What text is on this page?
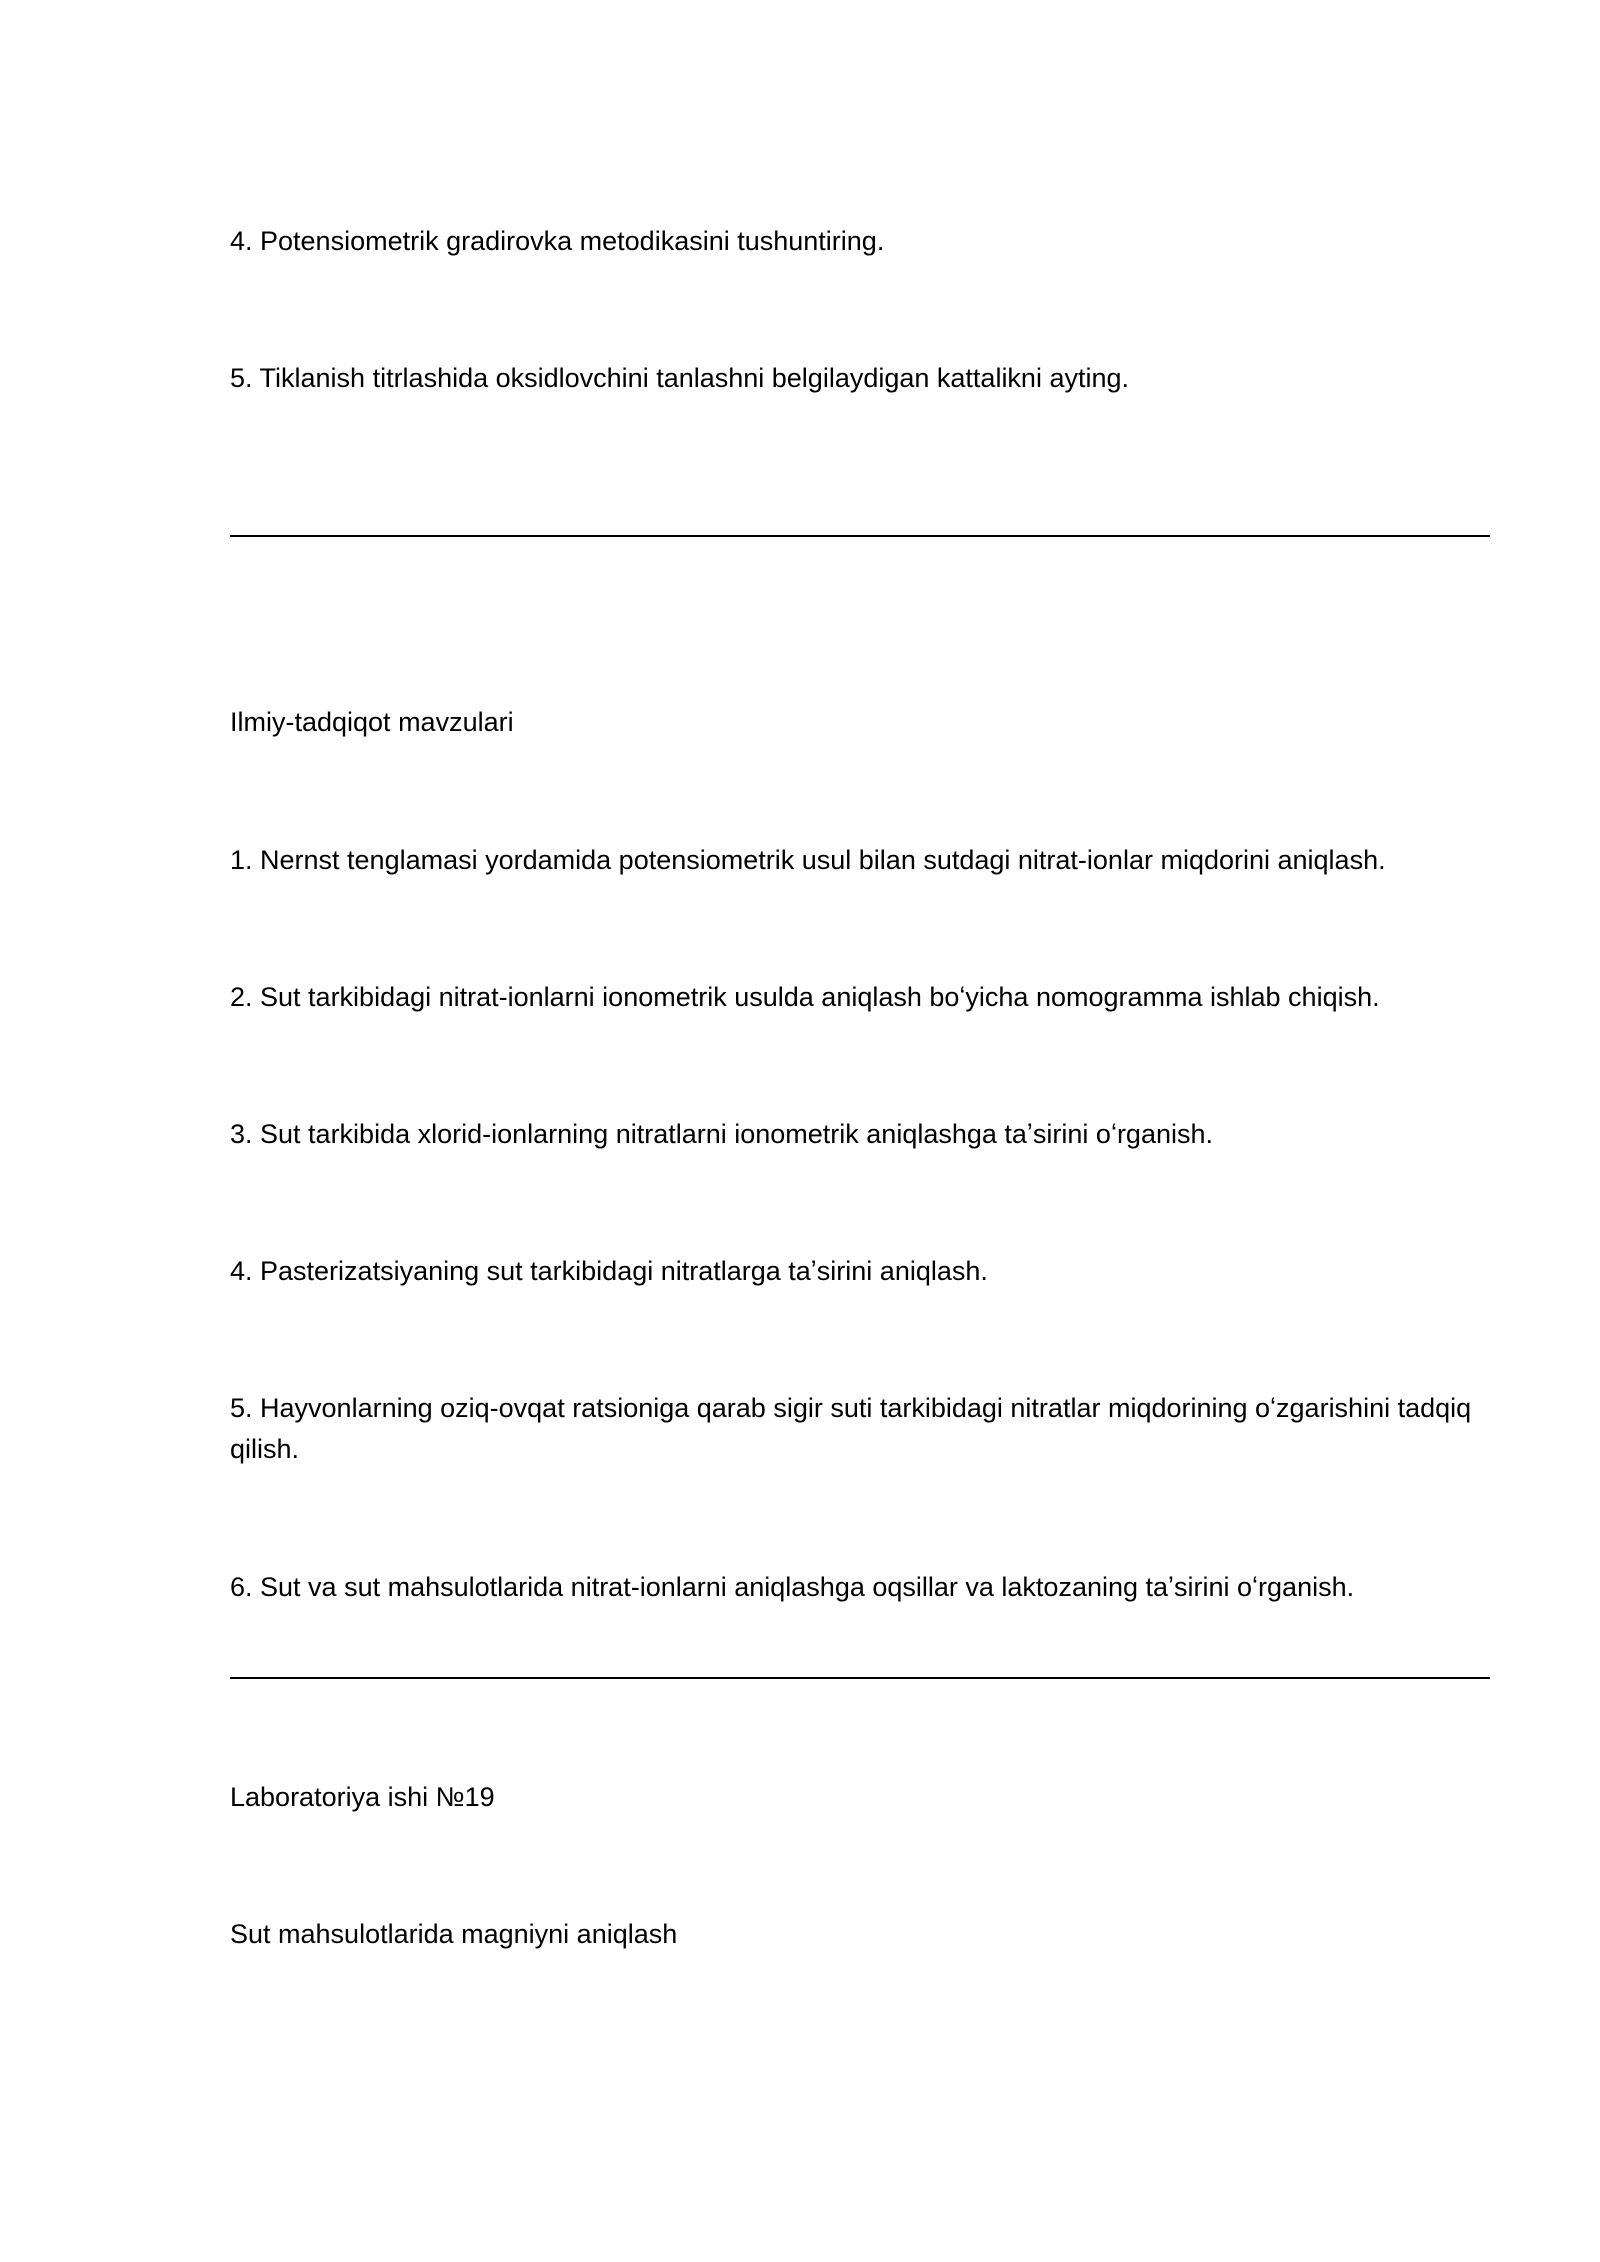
4. Potensiometrik gradirovka metodikasini tushuntiring.

5. Tiklanish titrlashida oksidlovchini tanlashni belgilaydigan kattalikni ayting.

Ilmiy-tadqiqot mavzulari

1. Nernst tenglamasi yordamida potensiometrik usul bilan sutdagi nitrat-ionlar miqdorini aniqlash.

2. Sut tarkibidagi nitrat-ionlarni ionometrik usulda aniqlash boʻyicha nomogramma ishlab chiqish.

3. Sut tarkibida xlorid-ionlarning nitratlarni ionometrik aniqlashga taʼsirini oʻrganish.

4. Pasterizatsiyaning sut tarkibidagi nitratlarga taʼsirini aniqlash.

5. Hayvonlarning oziq-ovqat ratsioniga qarab sigir suti tarkibidagi nitratlar miqdorining oʻzgarishini tadqiq qilish.

6. Sut va sut mahsulotlarida nitrat-ionlarni aniqlashga oqsillar va laktozaning taʼsirini oʻrganish.

Laboratoriya ishi №19

Sut mahsulotlarida magniyni aniqlash
